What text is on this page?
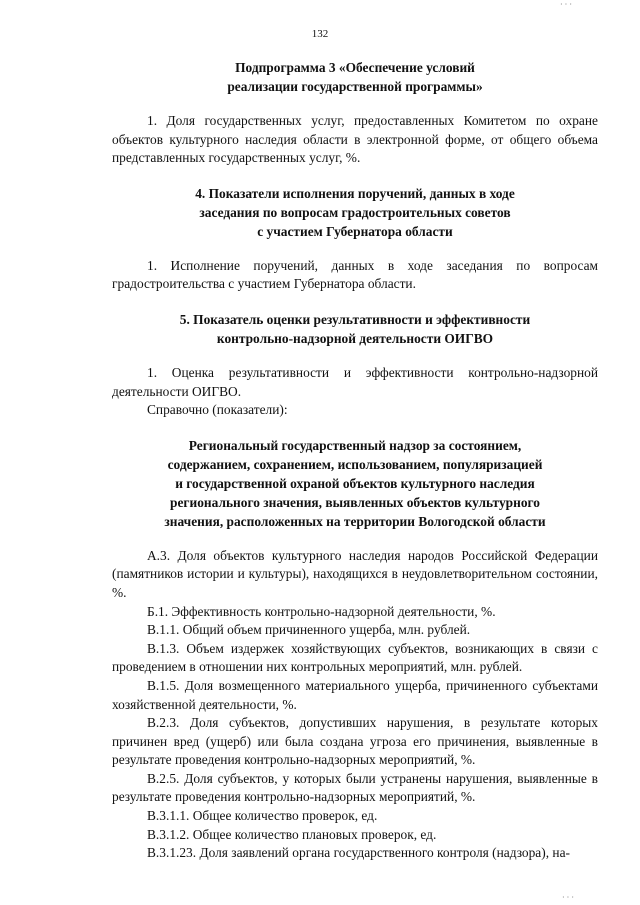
132
· · ·
· · ·
Подпрограмма 3 «Обеспечение условий
реализации государственной программы»

1. Доля государственных услуг, предоставленных Комитетом по охране объектов культурного наследия области в электронной форме, от общего объема представленных государственных услуг, %.

4. Показатели исполнения поручений, данных в ходе
заседания по вопросам градостроительных советов
с участием Губернатора области

1. Исполнение поручений, данных в ходе заседания по вопросам градостроительства с участием Губернатора области.

5. Показатель оценки результативности и эффективности
контрольно-надзорной деятельности ОИГВО

1. Оценка результативности и эффективности контрольно-надзорной деятельности ОИГВО.

Справочно (показатели):

Региональный государственный надзор за состоянием,
содержанием, сохранением, использованием, популяризацией
и государственной охраной объектов культурного наследия
регионального значения, выявленных объектов культурного
значения, расположенных на территории Вологодской области

А.3. Доля объектов культурного наследия народов Российской Федерации (памятников истории и культуры), находящихся в неудовлетворительном состоянии, %.

Б.1. Эффективность контрольно-надзорной деятельности, %.

В.1.1. Общий объем причиненного ущерба, млн. рублей.

В.1.3. Объем издержек хозяйствующих субъектов, возникающих в связи с проведением в отношении них контрольных мероприятий, млн. рублей.

В.1.5. Доля возмещенного материального ущерба, причиненного субъектами хозяйственной деятельности, %.

В.2.3. Доля субъектов, допустивших нарушения, в результате которых причинен вред (ущерб) или была создана угроза его причинения, выявленные в результате проведения контрольно-надзорных мероприятий, %.

В.2.5. Доля субъектов, у которых были устранены нарушения, выявленные в результате проведения контрольно-надзорных мероприятий, %.

В.3.1.1. Общее количество проверок, ед.

В.3.1.2. Общее количество плановых проверок, ед.

В.3.1.23. Доля заявлений органа государственного контроля (надзора), на-
